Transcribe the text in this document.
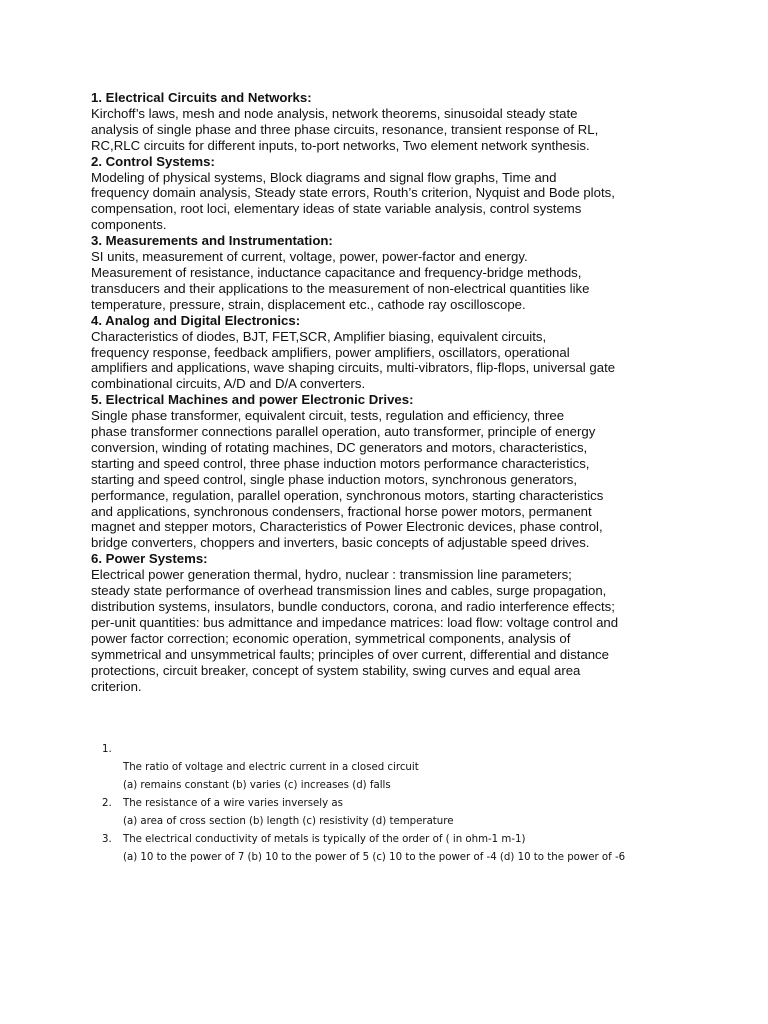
1. Electrical Circuits and Networks:
Kirchoff’s laws, mesh and node analysis, network theorems, sinusoidal steady state
analysis of single phase and three phase circuits, resonance, transient response of RL,
RC,RLC circuits for different inputs, to-port networks, Two element network synthesis.
2. Control Systems:
Modeling of physical systems, Block diagrams and signal flow graphs, Time and
frequency domain analysis, Steady state errors, Routh’s criterion, Nyquist and Bode plots,
compensation, root loci, elementary ideas of state variable analysis, control systems
components.
3. Measurements and Instrumentation:
SI units, measurement of current, voltage, power, power-factor and energy.
Measurement of resistance, inductance capacitance and frequency-bridge methods,
transducers and their applications to the measurement of non-electrical quantities like
temperature, pressure, strain, displacement etc., cathode ray oscilloscope.
4. Analog and Digital Electronics:
Characteristics of diodes, BJT, FET,SCR, Amplifier biasing, equivalent circuits,
frequency response, feedback amplifiers, power amplifiers, oscillators, operational
amplifiers and applications, wave shaping circuits, multi-vibrators, flip-flops, universal gate
combinational circuits, A/D and D/A converters.
5. Electrical Machines and power Electronic Drives:
Single phase transformer, equivalent circuit, tests, regulation and efficiency, three
phase transformer connections parallel operation, auto transformer, principle of energy
conversion, winding of rotating machines, DC generators and motors, characteristics,
starting and speed control, three phase induction motors performance characteristics,
starting and speed control, single phase induction motors, synchronous generators,
performance, regulation, parallel operation, synchronous motors, starting characteristics
and applications, synchronous condensers, fractional horse power motors, permanent
magnet and stepper motors, Characteristics of Power Electronic devices, phase control,
bridge converters, choppers and inverters, basic concepts of adjustable speed drives.
6. Power Systems:
Electrical power generation thermal, hydro, nuclear : transmission line parameters;
steady state performance of overhead transmission lines and cables, surge propagation,
distribution systems, insulators, bundle conductors, corona, and radio interference effects;
per-unit quantities: bus admittance and impedance matrices: load flow: voltage control and
power factor correction; economic operation, symmetrical components, analysis of
symmetrical and unsymmetrical faults; principles of over current, differential and distance
protections, circuit breaker, concept of system stability, swing curves and equal area
criterion.
1.

The ratio of voltage and electric current in a closed circuit
(a) remains constant (b) varies (c) increases (d) falls
2. The resistance of a wire varies inversely as
(a) area of cross section (b) length (c) resistivity (d) temperature
3. The electrical conductivity of metals is typically of the order of ( in ohm-1 m-1)
(a) 10 to the power of 7 (b) 10 to the power of 5 (c) 10 to the power of -4 (d) 10 to the power of -6
